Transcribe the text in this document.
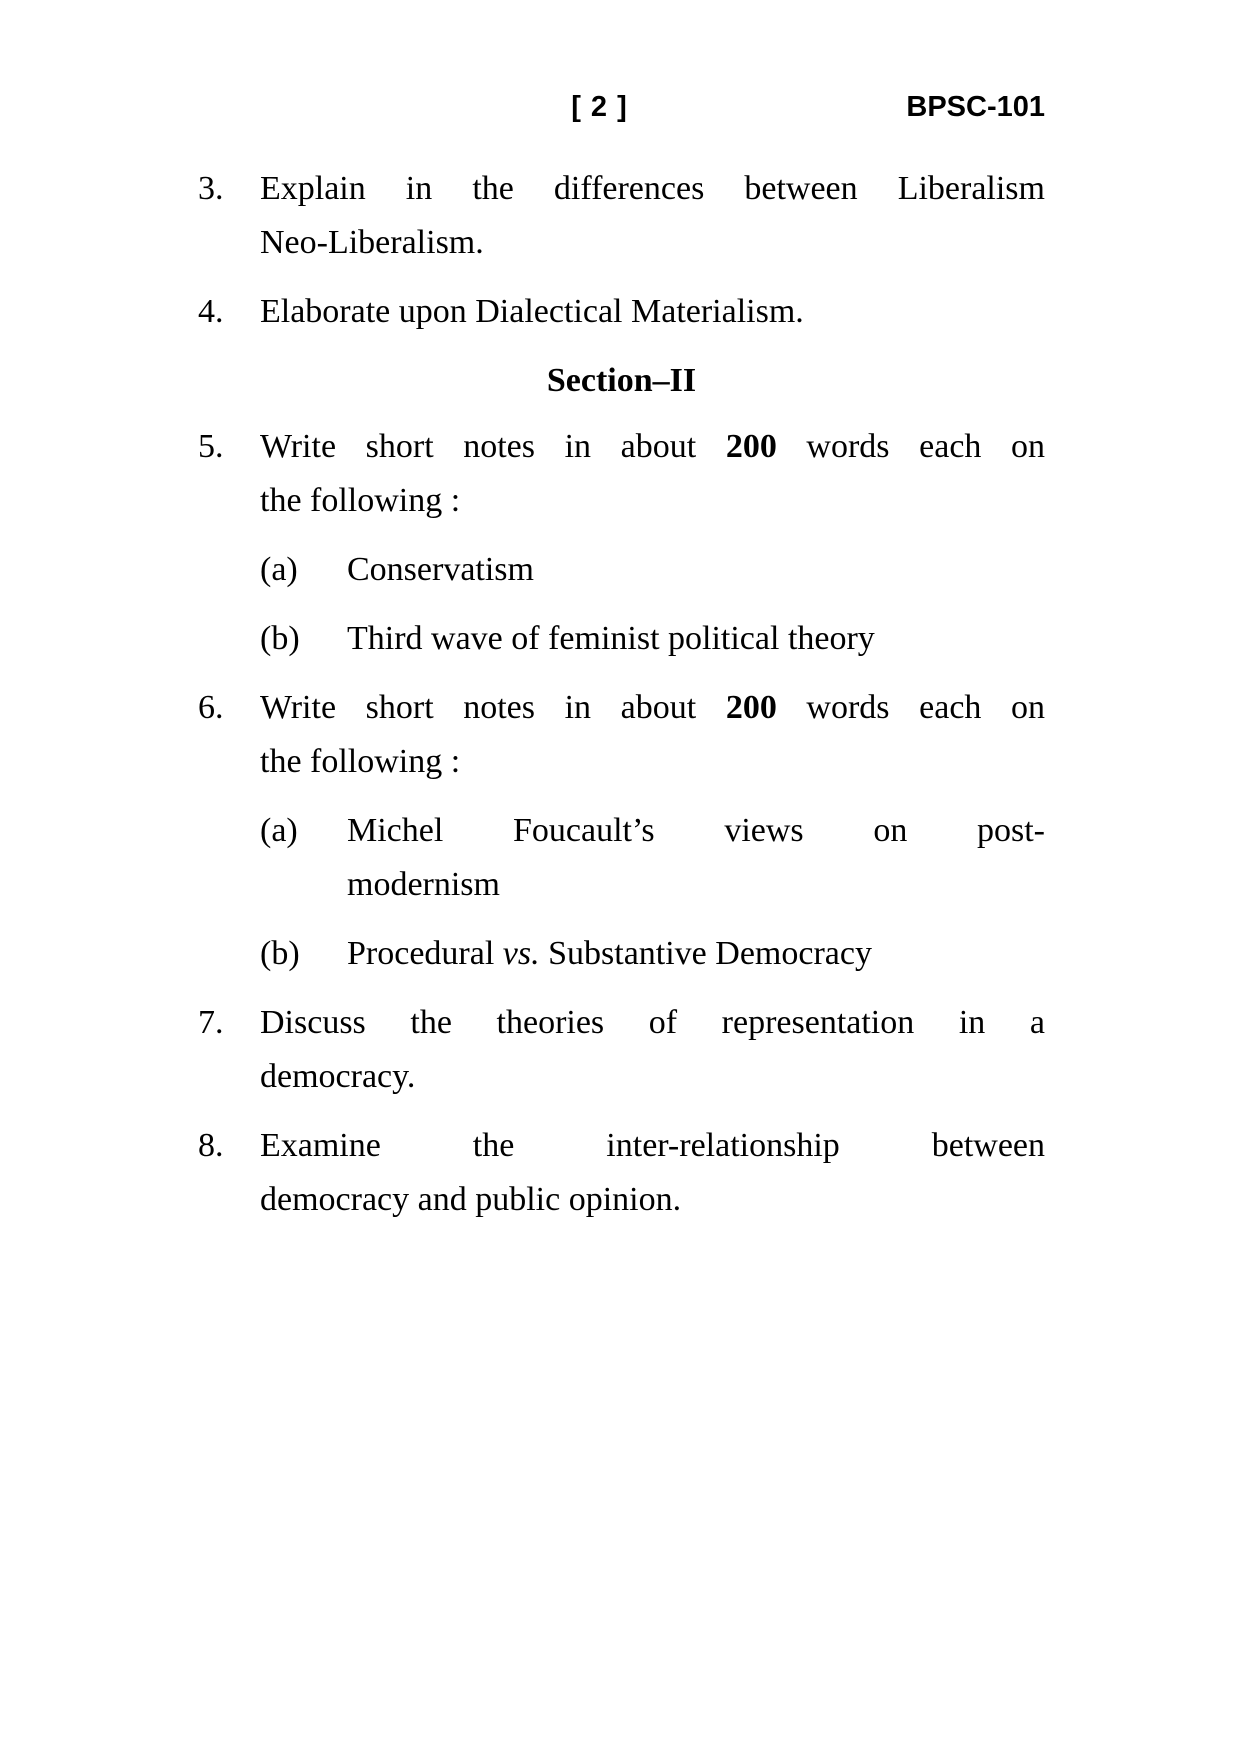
[ 2 ]	BPSC-101
3.	Explain in the differences between Liberalism
Neo-Liberalism.
4.	Elaborate upon Dialectical Materialism.
Section–II
5.	Write short notes in about 200 words each on
the following :
(a)	Conservatism
(b)	Third wave of feminist political theory
6.	Write short notes in about 200 words each on
the following :
(a)	Michel Foucault’s views on post-
modernism
(b)	Procedural vs. Substantive Democracy
7.	Discuss the theories of representation in a
democracy.
8.	Examine the inter-relationship between
democracy and public opinion.
